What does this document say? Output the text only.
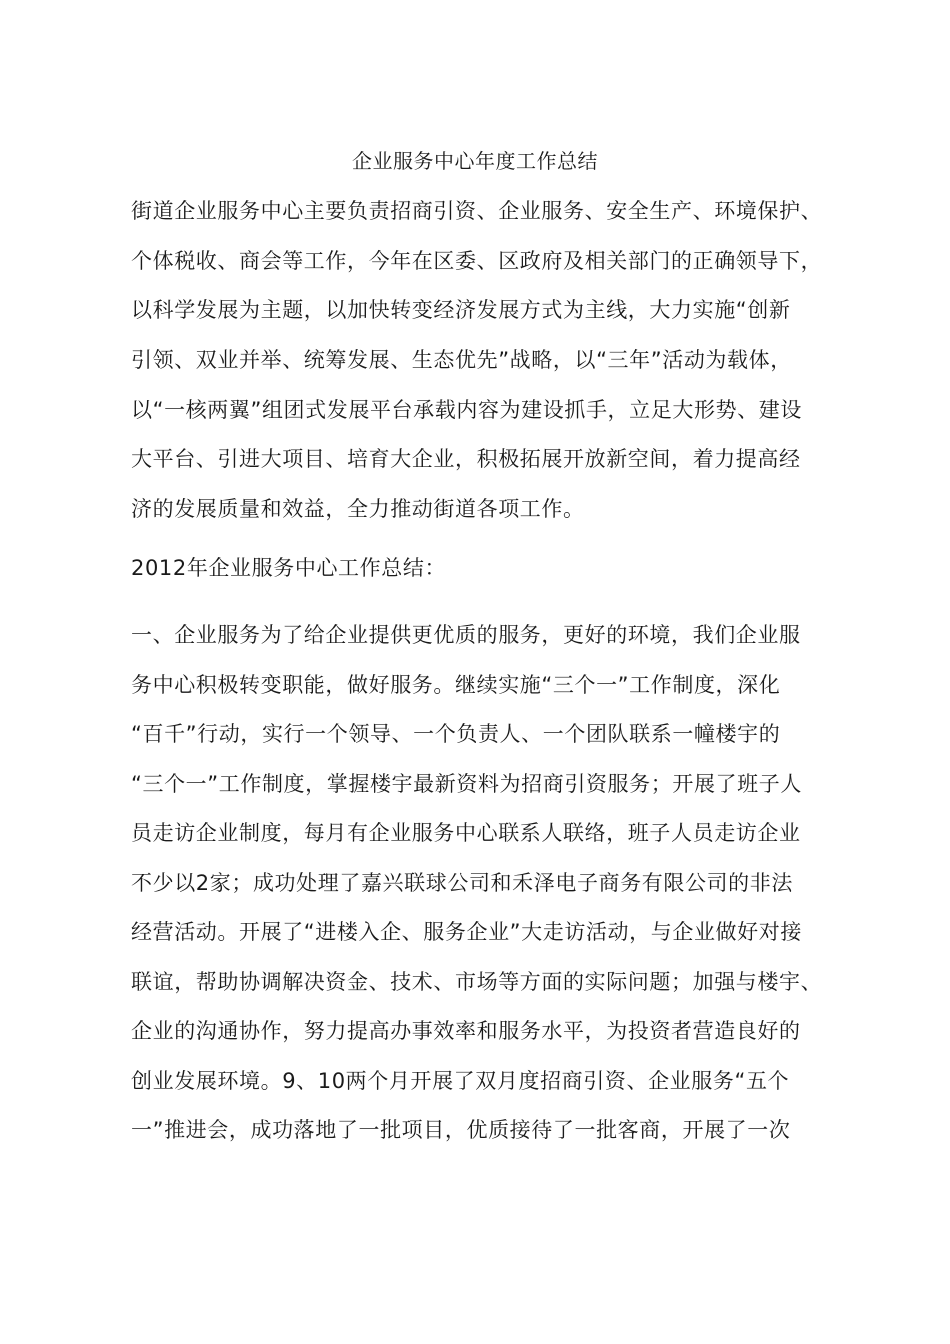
企业服务中心年度工作总结
街道企业服务中心主要负责招商引资、企业服务、安全生产、环境保护、
个体税收、商会等工作，今年在区委、区政府及相关部门的正确领导下，
以科学发展为主题，以加快转变经济发展方式为主线，大力实施“创新
引领、双业并举、统筹发展、生态优先”战略，以“三年”活动为载体，
以“一核两翼”组团式发展平台承载内容为建设抓手，立足大形势、建设
大平台、引进大项目、培育大企业，积极拓展开放新空间，着力提高经
济的发展质量和效益，全力推动街道各项工作。
2012年企业服务中心工作总结：
一、企业服务为了给企业提供更优质的服务，更好的环境，我们企业服
务中心积极转变职能，做好服务。继续实施“三个一”工作制度，深化
“百千”行动，实行一个领导、一个负责人、一个团队联系一幢楼宇的
“三个一”工作制度，掌握楼宇最新资料为招商引资服务；开展了班子人
员走访企业制度，每月有企业服务中心联系人联络，班子人员走访企业
不少以2家；成功处理了嘉兴联球公司和禾泽电子商务有限公司的非法
经营活动。开展了“进楼入企、服务企业”大走访活动，与企业做好对接
联谊，帮助协调解决资金、技术、市场等方面的实际问题；加强与楼宇、
企业的沟通协作，努力提高办事效率和服务水平，为投资者营造良好的
创业发展环境。9、10两个月开展了双月度招商引资、企业服务“五个
一”推进会，成功落地了一批项目，优质接待了一批客商，开展了一次
